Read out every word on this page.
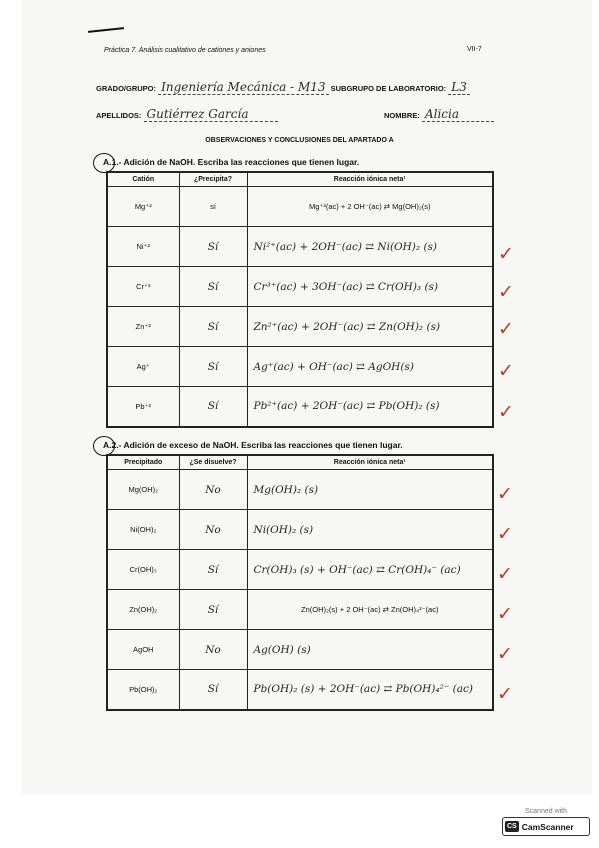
Práctica 7. Análisis cualitativo de cationes y aniones	VII-7
GRADO/GRUPO: Ingeniería Mecánica - M13 SUBGRUPO DE LABORATORIO: L3
APELLIDOS: Gutiérrez García	NOMBRE: Alicia
OBSERVACIONES Y CONCLUSIONES DEL APARTADO A
A.1.- Adición de NaOH. Escriba las reacciones que tienen lugar.
Catión	¿Precipita?	Reacción iónica neta¹
Mg⁺²	sí	Mg⁺²(ac) + 2 OH⁻(ac) ⇄ Mg(OH)₂(s)
Ni⁺²	Sí	Ni²⁺(ac) + 2OH⁻(ac) ⇄ Ni(OH)₂ (s)
Cr⁺³	Sí	Cr³⁺(ac) + 3OH⁻(ac) ⇄ Cr(OH)₃ (s)
Zn⁺²	Sí	Zn²⁺(ac) + 2OH⁻(ac) ⇄ Zn(OH)₂ (s)
Ag⁺	Sí	Ag⁺(ac) + OH⁻(ac) ⇄ AgOH(s)
Pb⁺²	Sí	Pb²⁺(ac) + 2OH⁻(ac) ⇄ Pb(OH)₂ (s)
A.2.- Adición de exceso de NaOH. Escriba las reacciones que tienen lugar.
Precipitado	¿Se disuelve?	Reacción iónica neta¹
Mg(OH)₂	No	Mg(OH)₂ (s)
Ni(OH)₂	No	Ni(OH)₂ (s)
Cr(OH)₃	Sí	Cr(OH)₃ (s) + OH⁻(ac) ⇄ Cr(OH)₄⁻ (ac)
Zn(OH)₂	Sí	Zn(OH)₂(s) + 2 OH⁻(ac) ⇄ Zn(OH)₄²⁻(ac)
AgOH	No	Ag(OH) (s)
Pb(OH)₂	Sí	Pb(OH)₂ (s) + 2OH⁻(ac) ⇄ Pb(OH)₄²⁻ (ac)
✓
✓
✓
✓
✓
✓
✓
✓
✓
✓
✓
Scanned with
CS CamScanner
